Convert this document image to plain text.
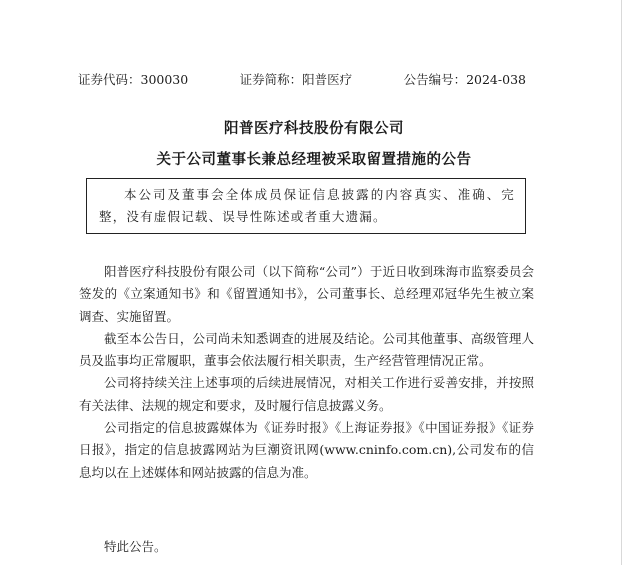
证券代码：300030	证券简称：阳普医疗	公告编号：2024-038
阳普医疗科技股份有限公司
关于公司董事长兼总经理被采取留置措施的公告
本公司及董事会全体成员保证信息披露的内容真实、准确、完整，没有虚假记载、误导性陈述或者重大遗漏。

阳普医疗科技股份有限公司（以下简称“公司”）于近日收到珠海市监察委员会签发的《立案通知书》和《留置通知书》，公司董事长、总经理邓冠华先生被立案调查、实施留置。

截至本公告日，公司尚未知悉调查的进展及结论。公司其他董事、高级管理人员及监事均正常履职，董事会依法履行相关职责，生产经营管理情况正常。

公司将持续关注上述事项的后续进展情况，对相关工作进行妥善安排，并按照有关法律、法规的规定和要求，及时履行信息披露义务。

公司指定的信息披露媒体为《证券时报》《上海证券报》《中国证券报》《证券日报》，指定的信息披露网站为巨潮资讯网(www.cninfo.com.cn),公司发布的信息均以在上述媒体和网站披露的信息为准。

特此公告。
